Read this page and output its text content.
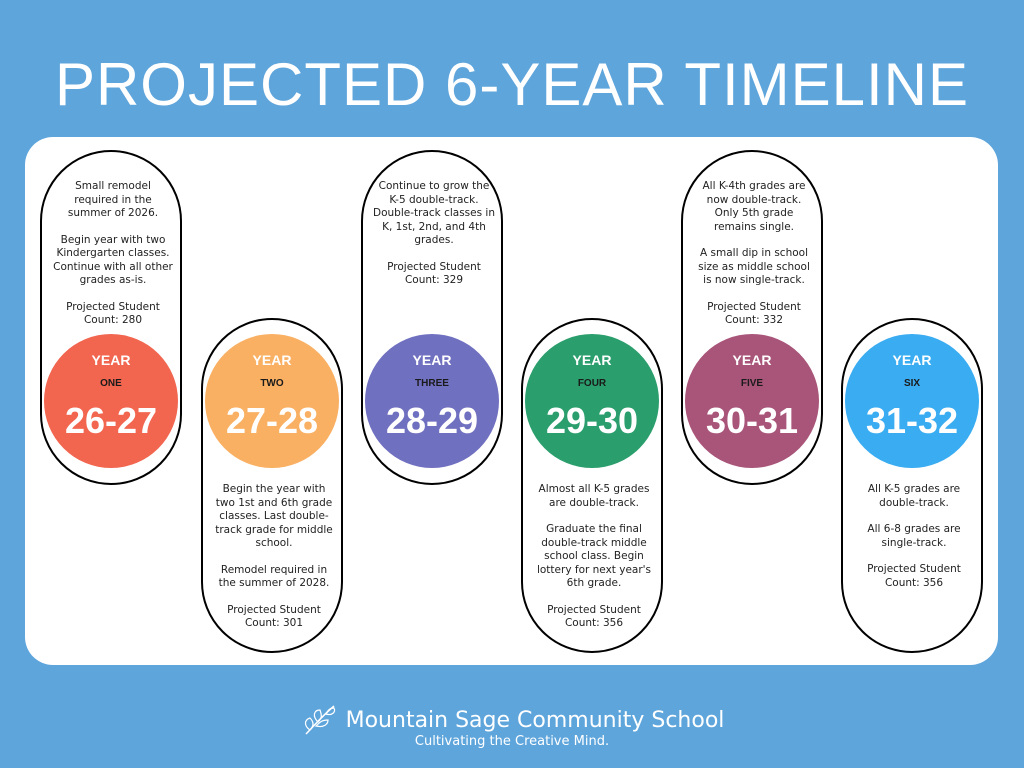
PROJECTED 6-YEAR TIMELINE

Small remodel required in the summer of 2026.

Begin year with two Kindergarten classes. Continue with all other grades as-is.

Projected Student Count: 280

YEAR
ONE
26-27

Begin the year with two 1st and 6th grade classes. Last double-track grade for middle school.

Remodel required in the summer of 2028.

Projected Student Count: 301

YEAR
TWO
27-28

Continue to grow the K-5 double-track. Double-track classes in K, 1st, 2nd, and 4th grades.

Projected Student Count: 329

YEAR
THREE
28-29

Almost all K-5 grades are double-track.

Graduate the final double-track middle school class. Begin lottery for next year's 6th grade.

Projected Student Count: 356

YEAR
FOUR
29-30

All K-4th grades are now double-track. Only 5th grade remains single.

A small dip in school size as middle school is now single-track.

Projected Student Count: 332

YEAR
FIVE
30-31

All K-5 grades are double-track.

All 6-8 grades are single-track.

Projected Student Count: 356

YEAR
SIX
31-32
Mountain Sage Community School
Cultivating the Creative Mind.
